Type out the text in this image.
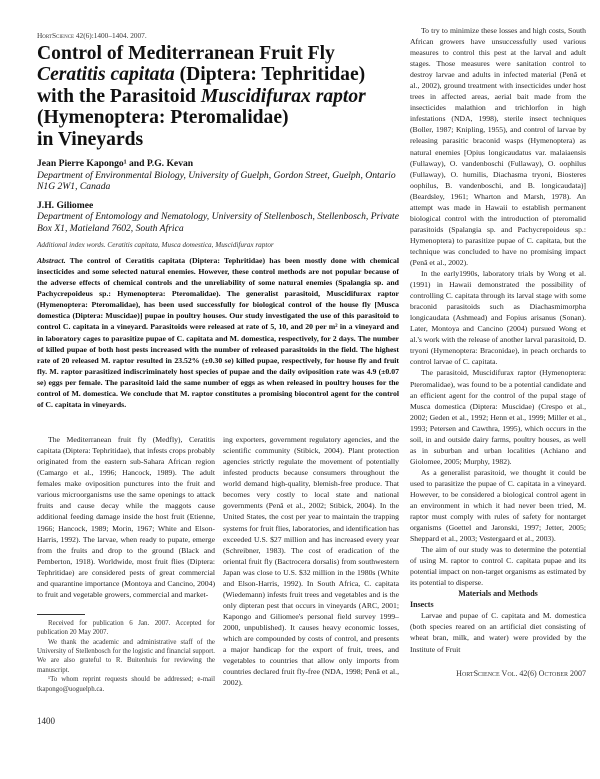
HortScience 42(6):1400–1404. 2007.
Control of Mediterranean Fruit Fly
Ceratitis capitata (Diptera: Tephritidae)
with the Parasitoid Muscidifurax raptor
(Hymenoptera: Pteromalidae)
in Vineyards
Jean Pierre Kapongo¹ and P.G. Kevan
Department of Environmental Biology, University of Guelph, Gordon Street, Guelph, Ontario N1G 2W1, Canada
J.H. Giliomee
Department of Entomology and Nematology, University of Stellenbosch, Stellenbosch, Private Box X1, Matieland 7602, South Africa
Additional index words. Ceratitis capitata, Musca domestica, Muscidifurax raptor
Abstract. The control of Ceratitis capitata (Diptera: Tephritidae) has been mostly done with chemical insecticides and some selected natural enemies. However, these control methods are not popular because of the adverse effects of chemical controls and the unreliability of some natural enemies (Spalangia sp. and Pachycrepoideus sp.: Hymenoptera: Pteromalidae). The generalist parasitoid, Muscidifurax raptor (Hymenoptera: Pteromalidae), has been used successfully for biological control of the house fly [Musca domestica (Diptera: Muscidae)] pupae in poultry houses. Our study investigated the use of this parasitoid to control C. capitata in a vineyard. Parasitoids were released at rate of 5, 10, and 20 per m² in a vineyard and in laboratory cages to parasitize pupae of C. capitata and M. domestica, respectively, for 2 days. The number of killed pupae of both host pests increased with the number of released parasitoids in the field. The highest rate of 20 released M. raptor resulted in 23.52% (±0.30 se) killed pupae, respectively, for house fly and fruit fly. M. raptor parasitized indiscriminately host species of pupae and the daily oviposition rate was 4.9 (±0.07 se) eggs per female. The parasitoid laid the same number of eggs as when released in poultry houses for the control of M. domestica. We conclude that M. raptor constitutes a promising biocontrol agent for the control of C. capitata in vineyards.

The Mediterranean fruit fly (Medfly), Ceratitis capitata (Diptera: Tephritidae), that infests crops probably originated from the eastern sub-Sahara African region (Camargo et al., 1996; Hancock, 1989). The adult females make oviposition punctures into the fruit and various microorganisms use the same openings to attack fruits and cause decay while the maggots cause additional feeding damage inside the host fruit (Etienne, 1966; Hancock, 1989; Morin, 1967; White and Elson-Harris, 1992). The larvae, when ready to pupate, emerge from the fruits and drop to the ground (Black and Pemberton, 1918). Worldwide, most fruit flies (Diptera: Tephritidae) are considered pests of great commercial and quarantine importance (Montoya and Cancino, 2004) to fruit and vegetable growers, commercial and market-

Received for publication 6 Jan. 2007. Accepted for publication 20 May 2007.

We thank the academic and administrative staff of the University of Stellenbosch for the logistic and financial support. We are also grateful to R. Buitenhuis for reviewing the manuscript.

¹To whom reprint requests should be addressed; e-mail tkapongo@uoguelph.ca.

1400

ing exporters, government regulatory agencies, and the scientific community (Stibick, 2004). Plant protection agencies strictly regulate the movement of potentially infested products because consumers throughout the world demand high-quality, blemish-free produce. That becomes very costly to local state and national governments (Penã et al., 2002; Stibick, 2004). In the United States, the cost per year to maintain the trapping systems for fruit flies, laboratories, and identification has exceeded U.S. $27 million and has increased every year (Schreibner, 1983). The cost of eradication of the oriental fruit fly (Bactrocera dorsalis) from southwestern Japan was close to U.S. $32 million in the 1980s (White and Elson-Harris, 1992). In South Africa, C. capitata (Wiedemann) infests fruit trees and vegetables and is the only dipteran pest that occurs in vineyards (ARC, 2001; Kapongo and Giliomee's personal field survey 1999–2000, unpublished). It causes heavy economic losses, which are compounded by costs of control, and presents a major handicap for the export of fruit, trees, and vegetables to countries that allow only imports from countries declared fruit fly-free (NDA, 1998; Penã et al., 2002).

To try to minimize these losses and high costs, South African growers have unsuccessfully used various measures to control this pest at the larval and adult stages. Those measures were sanitation control to destroy larvae and adults in infected material (Penã et al., 2002), ground treatment with insecticides under host trees in affected areas, aerial bait made from the insecticides malathion and trichlorfon in high infestations (NDA, 1998), sterile insect techniques (Boller, 1987; Knipling, 1955), and control of larvae by releasing parasitic braconid wasps (Hymenoptera) as natural enemies [Opius longicaudatus var. malaiaensis (Fullaway), O. vandenboschi (Fullaway), O. oophilus (Fullaway), O. humilis, Diachasma tryoni, Biosteres oophilus, B. vandenboschi, and B. longicaudata)] (Beardsley, 1961; Wharton and Marsh, 1978). An attempt was made in Hawaii to establish permanent biological control with the introduction of pteromalid parasitoids (Spalangia sp. and Pachycrepoideus sp.: Hymenoptera) to parasitize pupae of C. capitata, but the technique was concluded to have no promising impact (Penã et al., 2002).

In the early1990s, laboratory trials by Wong et al. (1991) in Hawaii demonstrated the possibility of controlling C. capitata through its larval stage with some braconid parasitoids such as Diachasmimorpha longicaudata (Ashmead) and Fopius arisanus (Sonan). Later, Montoya and Cancino (2004) pursued Wong et al.'s work with the release of another larval parasitoid, D. tryoni (Hymenoptera: Braconidae), in peach orchards to control larvae of C. capitata.

The parasitoid, Muscidifurax raptor (Hymenoptera: Pteromalidae), was found to be a potential candidate and an efficient agent for the control of the pupal stage of Musca domestica (Diptera: Muscidae) (Crespo et al., 2002; Geden et al., 1992; Henn et al., 1999; Miller et al., 1993; Petersen and Cawthra, 1995), which occurs in the soil, in and outside dairy farms, poultry houses, as well as in suburban and urban localities (Achiano and Giolomee, 2005; Murphy, 1982).

As a generalist parasitoid, we thought it could be used to parasitize the pupae of C. capitata in a vineyard. However, to be considered a biological control agent in an environment in which it had never been tried, M. raptor must comply with rules of safety for nontarget organisms (Goettel and Jaronski, 1997; Jetter, 2005; Sheppard et al., 2003; Vestergaard et al., 2003).

The aim of our study was to determine the potential of using M. raptor to control C. capitata pupae and its potential impact on non-target organisms as estimated by its potential to disperse.

Materials and Methods

Insects

Larvae and pupae of C. capitata and M. domestica (both species reared on an artificial diet consisting of wheat bran, milk, and water) were provided by the Institute of Fruit

HortScience Vol. 42(6) October 2007
